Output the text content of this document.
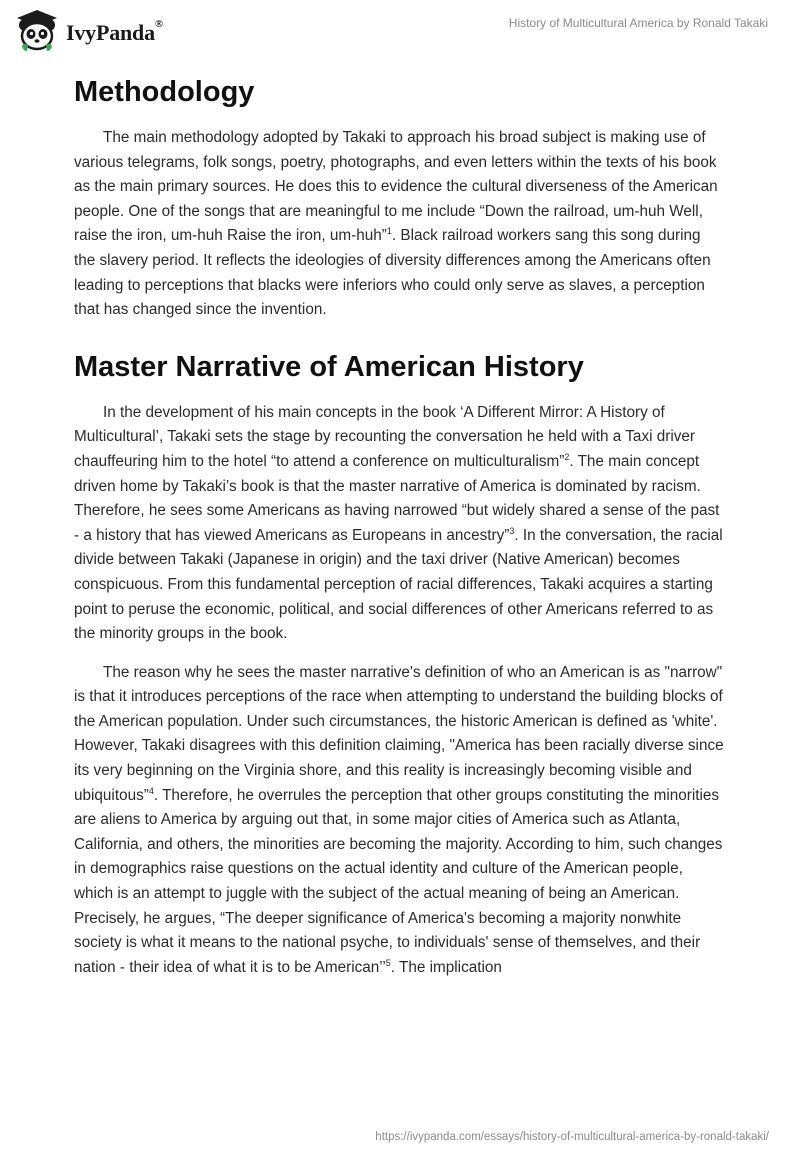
IvyPanda®	History of Multicultural America by Ronald Takaki
Methodology

The main methodology adopted by Takaki to approach his broad subject is making use of various telegrams, folk songs, poetry, photographs, and even letters within the texts of his book as the main primary sources. He does this to evidence the cultural diverseness of the American people. One of the songs that are meaningful to me include “Down the railroad, um-huh Well, raise the iron, um-huh Raise the iron, um-huh”$^1$. Black railroad workers sang this song during the slavery period. It reflects the ideologies of diversity differences among the Americans often leading to perceptions that blacks were inferiors who could only serve as slaves, a perception that has changed since the invention.

Master Narrative of American History

In the development of his main concepts in the book ‘A Different Mirror: A History of Multicultural’, Takaki sets the stage by recounting the conversation he held with a Taxi driver chauffeuring him to the hotel “to attend a conference on multiculturalism”$^2$. The main concept driven home by Takaki’s book is that the master narrative of America is dominated by racism. Therefore, he sees some Americans as having narrowed “but widely shared a sense of the past - a history that has viewed Americans as Europeans in ancestry”$^3$. In the conversation, the racial divide between Takaki (Japanese in origin) and the taxi driver (Native American) becomes conspicuous. From this fundamental perception of racial differences, Takaki acquires a starting point to peruse the economic, political, and social differences of other Americans referred to as the minority groups in the book.

The reason why he sees the master narrative's definition of who an American is as "narrow" is that it introduces perceptions of the race when attempting to understand the building blocks of the American population. Under such circumstances, the historic American is defined as 'white'. However, Takaki disagrees with this definition claiming, "America has been racially diverse since its very beginning on the Virginia shore, and this reality is increasingly becoming visible and ubiquitous”$^4$. Therefore, he overrules the perception that other groups constituting the minorities are aliens to America by arguing out that, in some major cities of America such as Atlanta, California, and others, the minorities are becoming the majority. According to him, such changes in demographics raise questions on the actual identity and culture of the American people, which is an attempt to juggle with the subject of the actual meaning of being an American. Precisely, he argues, “The deeper significance of America's becoming a majority nonwhite society is what it means to the national psyche, to individuals' sense of themselves, and their nation - their idea of what it is to be American’’$^5$. The implication

https://ivypanda.com/essays/history-of-multicultural-america-by-ronald-takaki/
